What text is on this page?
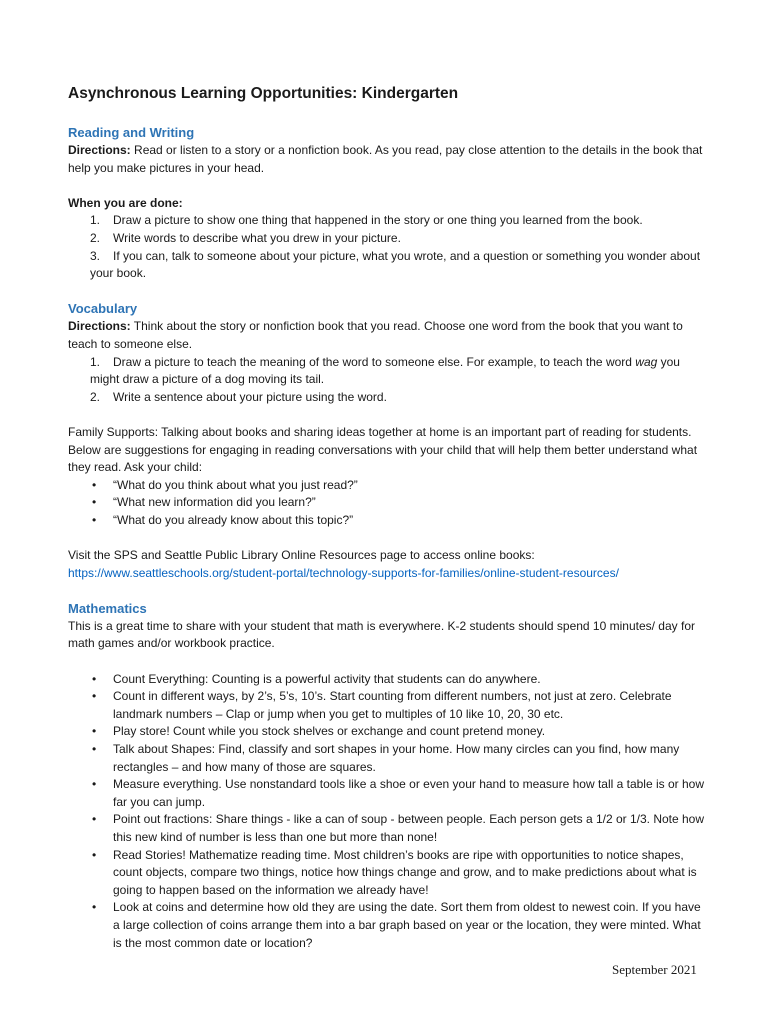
Asynchronous Learning Opportunities: Kindergarten
Reading and Writing

Directions: Read or listen to a story or a nonfiction book. As you read, pay close attention to the details in the book that help you make pictures in your head.

When you are done:

1. Draw a picture to show one thing that happened in the story or one thing you learned from the book.
2. Write words to describe what you drew in your picture.
3. If you can, talk to someone about your picture, what you wrote, and a question or something you wonder about your book.
Vocabulary

Directions: Think about the story or nonfiction book that you read. Choose one word from the book that you want to teach to someone else.

1. Draw a picture to teach the meaning of the word to someone else. For example, to teach the word wag you might draw a picture of a dog moving its tail.
2. Write a sentence about your picture using the word.

Family Supports: Talking about books and sharing ideas together at home is an important part of reading for students. Below are suggestions for engaging in reading conversations with your child that will help them better understand what they read. Ask your child:

• “What do you think about what you just read?”
• “What new information did you learn?”
• “What do you already know about this topic?”

Visit the SPS and Seattle Public Library Online Resources page to access online books:

https://www.seattleschools.org/student-portal/technology-supports-for-families/online-student-resources/

Mathematics

This is a great time to share with your student that math is everywhere. K-2 students should spend 10 minutes/ day for math games and/or workbook practice.

• Count Everything: Counting is a powerful activity that students can do anywhere.
• Count in different ways, by 2’s, 5’s, 10’s. Start counting from different numbers, not just at zero. Celebrate landmark numbers – Clap or jump when you get to multiples of 10 like 10, 20, 30 etc.
• Play store! Count while you stock shelves or exchange and count pretend money.
• Talk about Shapes: Find, classify and sort shapes in your home. How many circles can you find, how many rectangles – and how many of those are squares.
• Measure everything. Use nonstandard tools like a shoe or even your hand to measure how tall a table is or how far you can jump.
• Point out fractions: Share things - like a can of soup - between people. Each person gets a 1/2 or 1/3. Note how this new kind of number is less than one but more than none!
• Read Stories! Mathematize reading time. Most children’s books are ripe with opportunities to notice shapes, count objects, compare two things, notice how things change and grow, and to make predictions about what is going to happen based on the information we already have!
• Look at coins and determine how old they are using the date. Sort them from oldest to newest coin. If you have a large collection of coins arrange them into a bar graph based on year or the location, they were minted. What is the most common date or location?
September 2021
